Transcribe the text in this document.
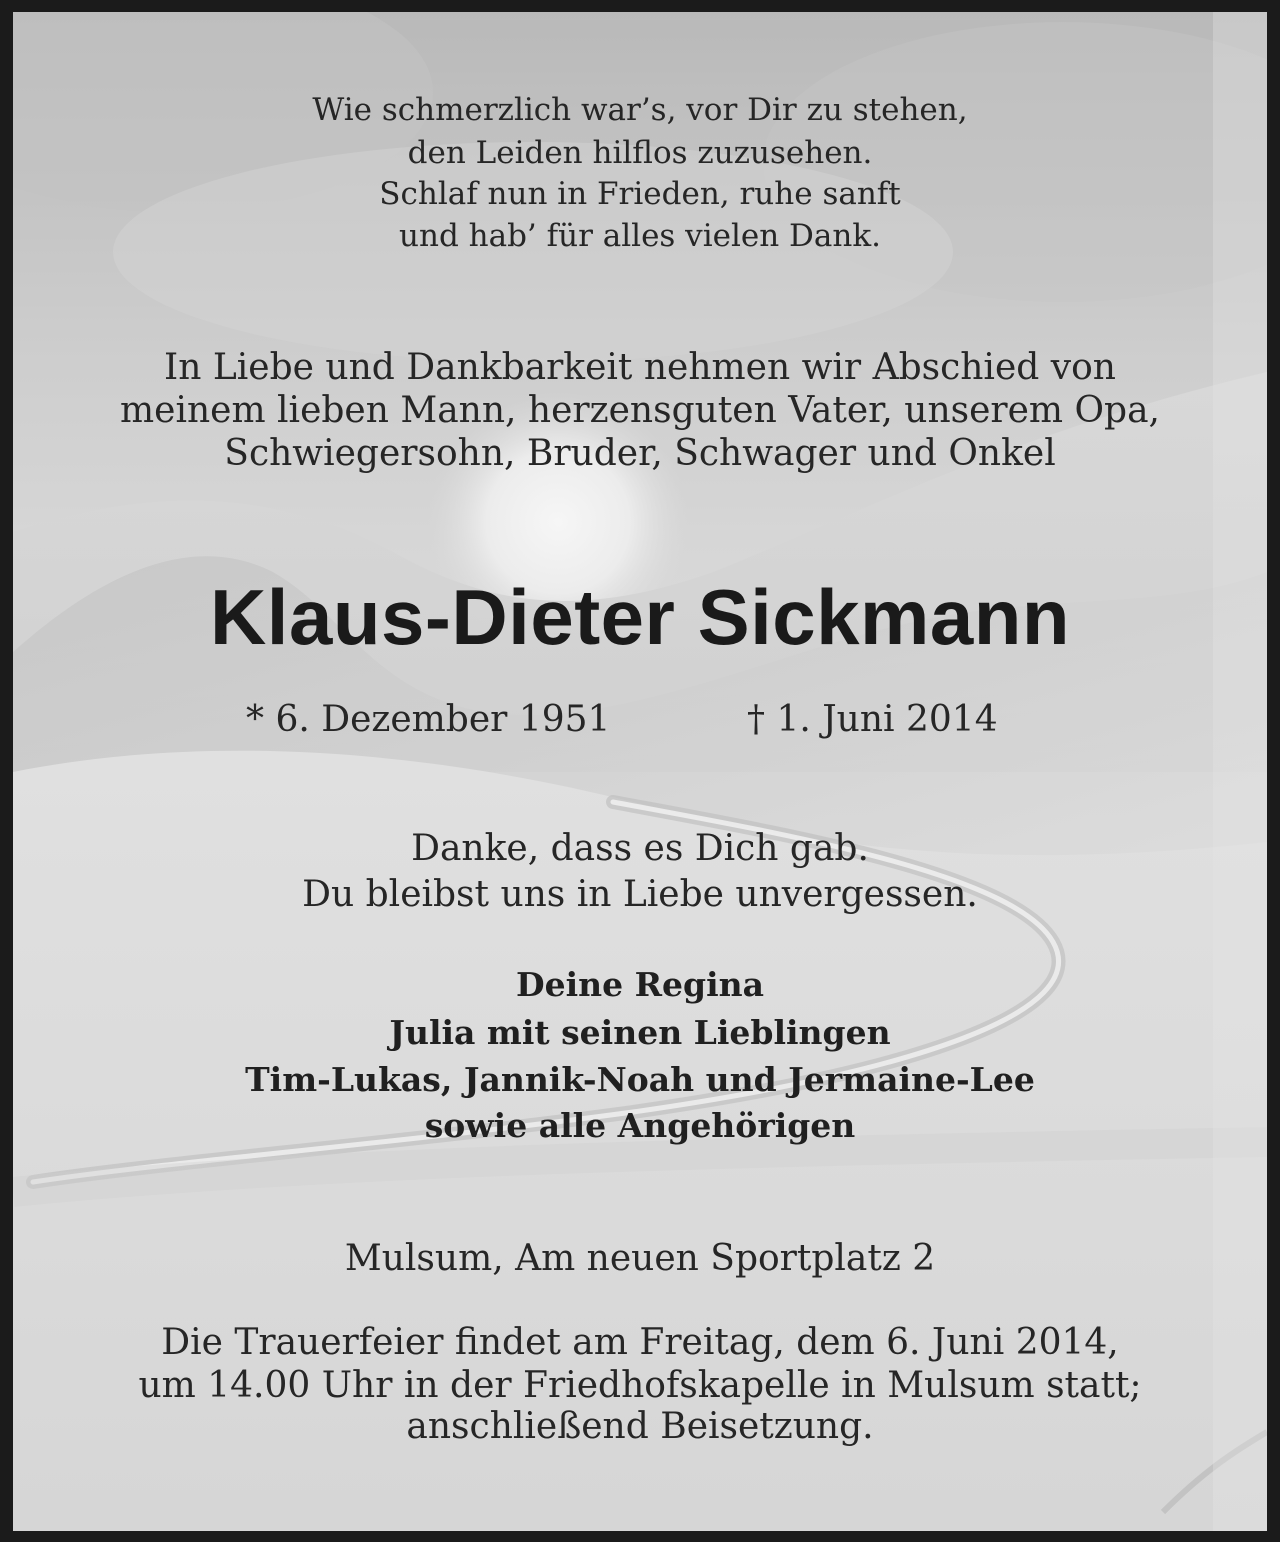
Wie schmerzlich war’s, vor Dir zu stehen,
den Leiden hilflos zuzusehen.
Schlaf nun in Frieden, ruhe sanft
und hab’ für alles vielen Dank.
In Liebe und Dankbarkeit nehmen wir Abschied von
meinem lieben Mann, herzensguten Vater, unserem Opa,
Schwiegersohn, Bruder, Schwager und Onkel
Klaus-Dieter Sickmann
* 6. Dezember 1951	† 1. Juni 2014
Danke, dass es Dich gab.
Du bleibst uns in Liebe unvergessen.
Deine Regina
Julia mit seinen Lieblingen
Tim-Lukas, Jannik-Noah und Jermaine-Lee
sowie alle Angehörigen
Mulsum, Am neuen Sportplatz 2
Die Trauerfeier findet am Freitag, dem 6. Juni 2014,
um 14.00 Uhr in der Friedhofskapelle in Mulsum statt;
anschließend Beisetzung.
